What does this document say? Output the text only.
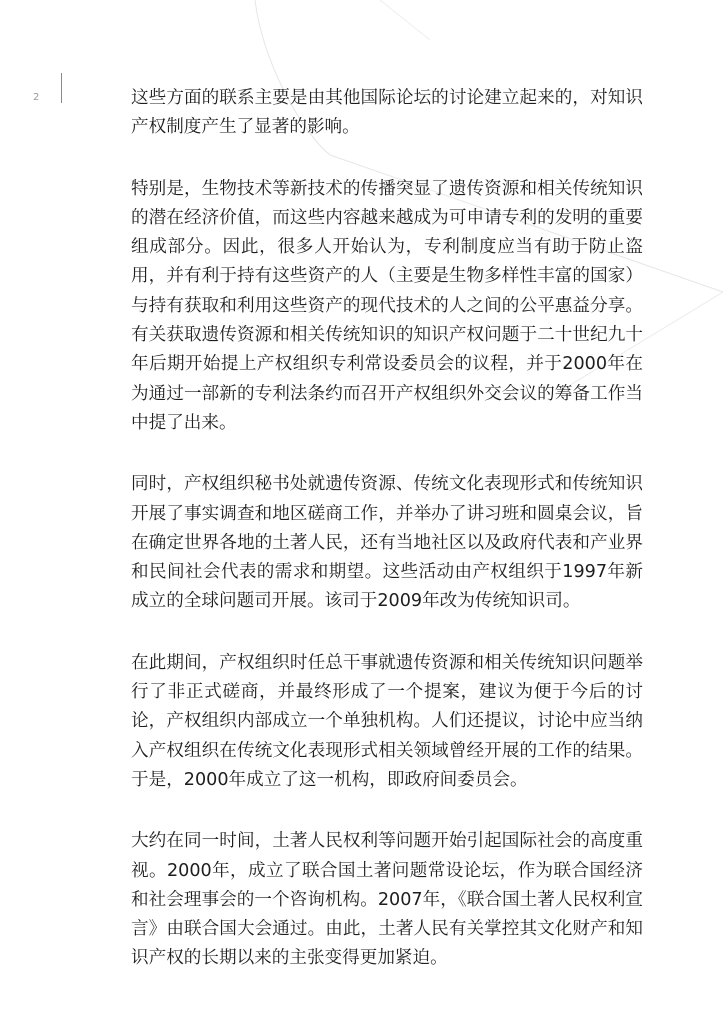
2	这些方面的联系主要是由其他国际论坛的讨论建立起来的，对知识产权制度产生了显著的影响。

特别是，生物技术等新技术的传播突显了遗传资源和相关传统知识的潜在经济价值，而这些内容越来越成为可申请专利的发明的重要组成部分。因此，很多人开始认为，专利制度应当有助于防止盗用，并有利于持有这些资产的人（主要是生物多样性丰富的国家）与持有获取和利用这些资产的现代技术的人之间的公平惠益分享。有关获取遗传资源和相关传统知识的知识产权问题于二十世纪九十年后期开始提上产权组织专利常设委员会的议程，并于2000年在为通过一部新的专利法条约而召开产权组织外交会议的筹备工作当中提了出来。

同时，产权组织秘书处就遗传资源、传统文化表现形式和传统知识开展了事实调查和地区磋商工作，并举办了讲习班和圆桌会议，旨在确定世界各地的土著人民，还有当地社区以及政府代表和产业界和民间社会代表的需求和期望。这些活动由产权组织于1997年新成立的全球问题司开展。该司于2009年改为传统知识司。

在此期间，产权组织时任总干事就遗传资源和相关传统知识问题举行了非正式磋商，并最终形成了一个提案，建议为便于今后的讨论，产权组织内部成立一个单独机构。人们还提议，讨论中应当纳入产权组织在传统文化表现形式相关领域曾经开展的工作的结果。于是，2000年成立了这一机构，即政府间委员会。

大约在同一时间，土著人民权利等问题开始引起国际社会的高度重视。2000年，成立了联合国土著问题常设论坛，作为联合国经济和社会理事会的一个咨询机构。2007年，《联合国土著人民权利宣言》由联合国大会通过。由此，土著人民有关掌控其文化财产和知识产权的长期以来的主张变得更加紧迫。
